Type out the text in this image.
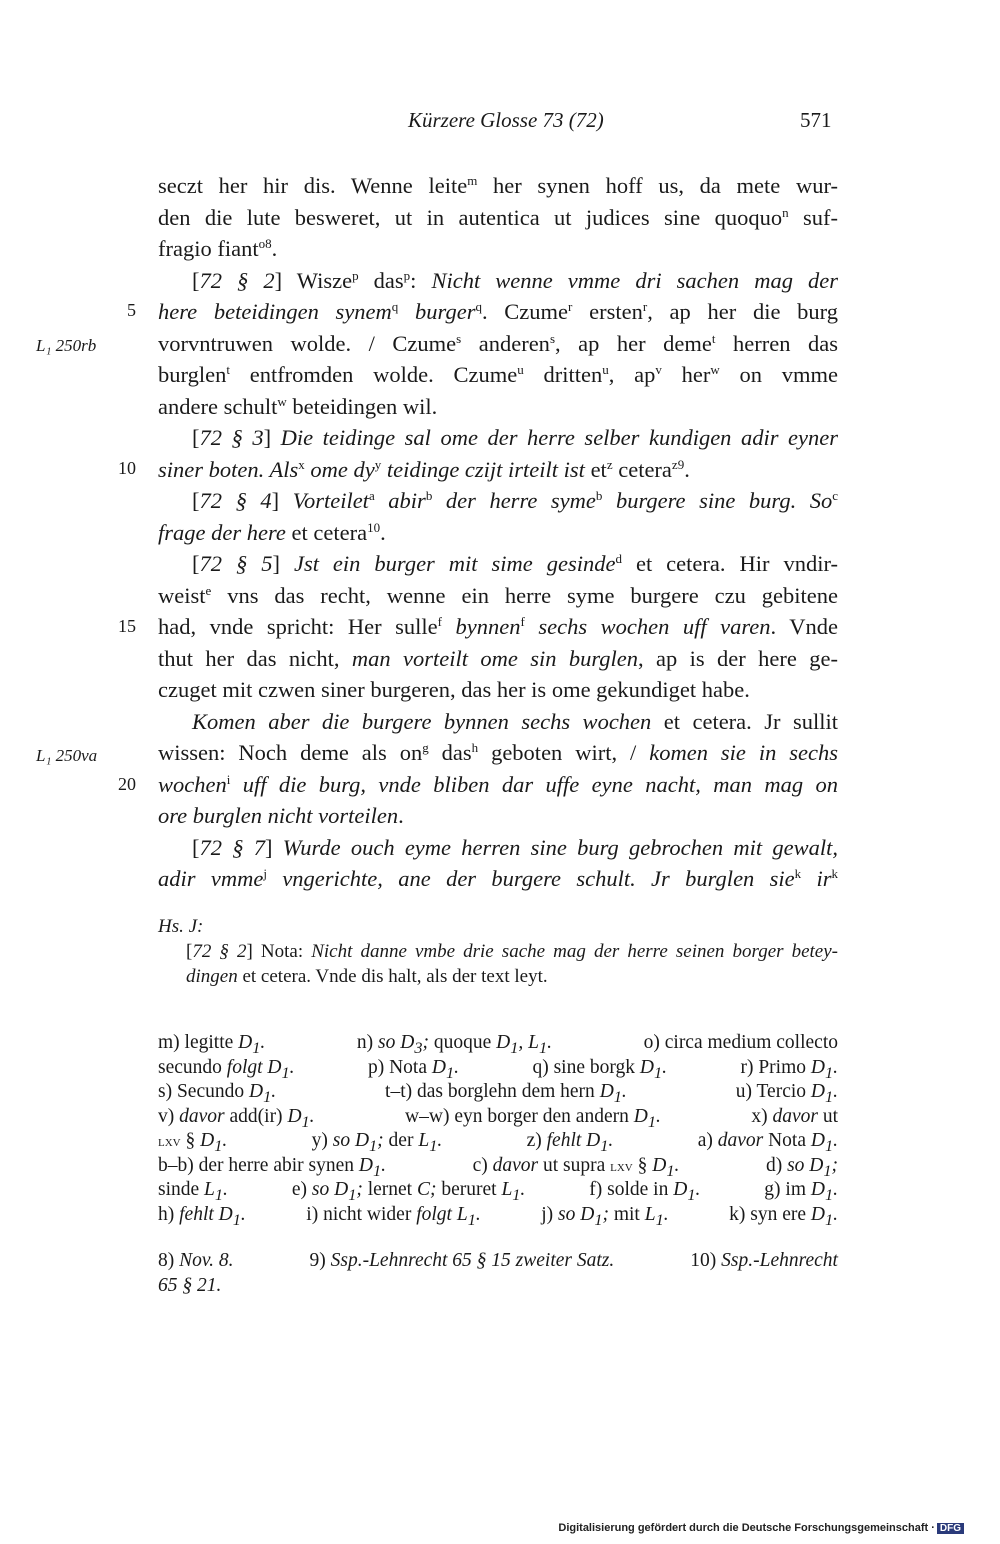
Kürzere Glosse 73 (72)	571
5
10
15
20
L₁ 250rb
L₁ 250va
seczt her hir dis. Wenne leite$^m$ her synen hoff us, da mete wur-
den die lute besweret, ut in autentica ut judices sine quoquo$^n$ suf-
fragio fiant$^{o8}$.
[72 § 2] Wisze$^p$ das$^p$: Nicht wenne vmme dri sachen mag der
here beteidingen synem$^q$ burger$^q$. Czume$^r$ ersten$^r$, ap her die burg
vorvntruwen wolde. / Czume$^s$ anderen$^s$, ap her deme$^t$ herren das
burglen$^t$ entfromden wolde. Czume$^u$ dritten$^u$, $ap^v$ her$^w$ on vmme
andere schult$^w$ beteidingen wil.
[72 § 3] Die teidinge sal ome der herre selber kundigen adir eyner
siner boten. Als$^x$ ome $dy^y$ teidinge czijt irteilt ist $et^z$ cetera$^{z9}$.
[72 § 4] Vorteilet$^a$ abir$^b$ der herre syme$^b$ burgere sine burg. So$^c$
frage der here et cetera$^{10}$.
[72 § 5] Jst ein burger mit sime gesinde$^d$ et cetera. Hir vndir-
weist$^e$ vns das recht, wenne ein herre syme burgere czu gebitene
had, vnde spricht: Her sulle$^f$ bynnen$^f$ sechs wochen uff varen. Vnde
thut her das nicht, man vorteilt ome sin burglen, ap is der here ge-
czuget mit czwen siner burgeren, das her is ome gekundiget habe.
Komen aber die burgere bynnen sechs wochen et cetera. Jr sullit
wissen: Noch deme als $on^g$ das$^h$ geboten wirt, / komen sie in sechs
wochen$^i$ uff die burg, vnde bliben dar uffe eyne nacht, man mag on
ore burglen nicht vorteilen.
[72 § 7] Wurde ouch eyme herren sine burg gebrochen mit gewalt,
adir vmme$^j$ vngerichte, ane der burgere schult. Jr burglen sie$^k$ $ir^k$
Hs. J:
[72 § 2] Nota: Nicht danne vmbe drie sache mag der herre seinen borger betey-dingen et cetera. Vnde dis halt, als der text leyt.
m) legitte $D_1$.	n) so $D_3$; quoque $D_1$, $L_1$.	o) circa medium collecto
secundo folgt $D_1$.	p) Nota $D_1$.	q) sine borgk $D_1$.	r) Primo $D_1$.
s) Secundo $D_1$.	t–t) das borglehn dem hern $D_1$.	u) Tercio $D_1$.
v) davor add(ir) $D_1$.	w–w) eyn borger den andern $D_1$.	x) davor ut
lxv § $D_1$.	y) so $D_1$; der $L_1$.	z) fehlt $D_1$.	a) davor Nota $D_1$.
b–b) der herre abir synen $D_1$.	c) davor ut supra lxv § $D_1$.	d) so $D_1$;
sinde $L_1$.	e) so $D_1$; lernet C; beruret $L_1$.	f) solde in $D_1$.	g) im $D_1$.
h) fehlt $D_1$.	i) nicht wider folgt $L_1$.	j) so $D_1$; mit $L_1$.	k) syn ere $D_1$.
8) Nov. 8.	9) Ssp.-Lehnrecht 65 § 15 zweiter Satz.	10) Ssp.-Lehnrecht
65 § 21.
Digitalisierung gefördert durch die Deutsche Forschungsgemeinschaft · DFG
